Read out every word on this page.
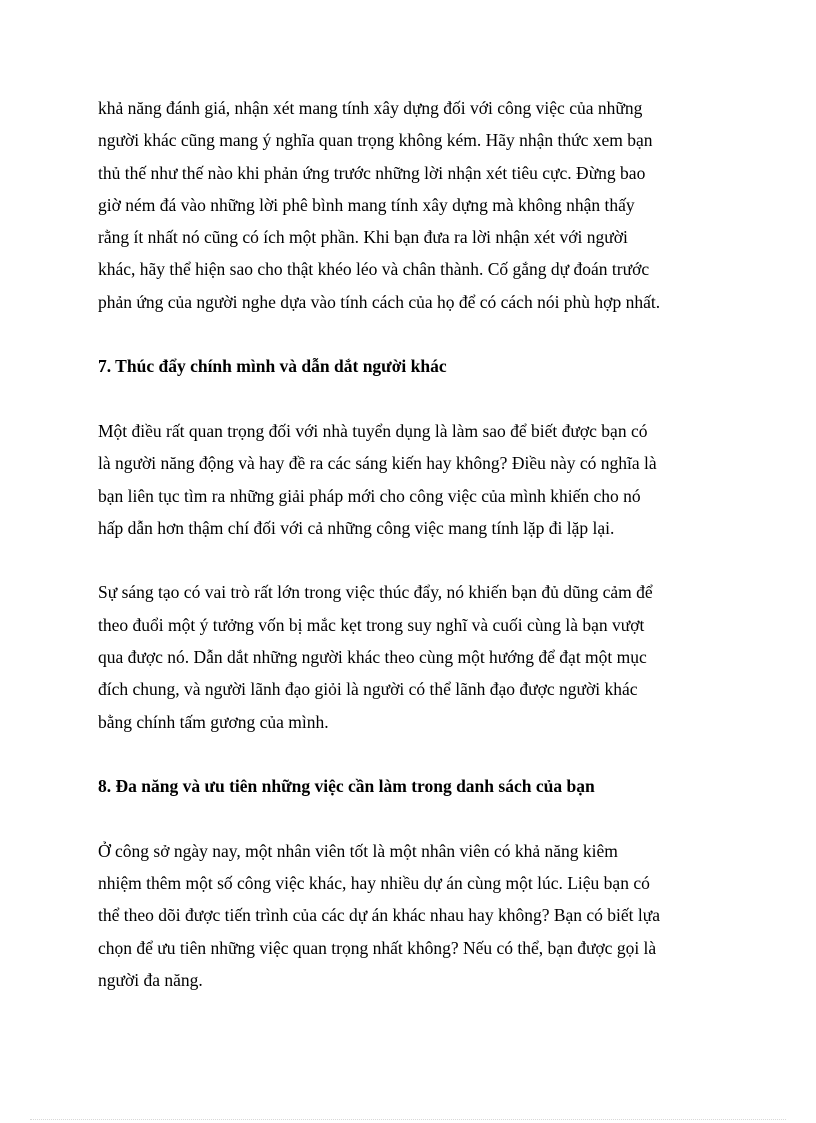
khả năng đánh giá, nhận xét mang tính xây dựng đối với công việc của những
người khác cũng mang ý nghĩa quan trọng không kém. Hãy nhận thức xem bạn
thủ thế như thế nào khi phản ứng trước những lời nhận xét tiêu cực. Đừng bao
giờ ném đá vào những lời phê bình mang tính xây dựng mà không nhận thấy
rằng ít nhất nó cũng có ích một phần. Khi bạn đưa ra lời nhận xét với người
khác, hãy thể hiện sao cho thật khéo léo và chân thành. Cố gắng dự đoán trước
phản ứng của người nghe dựa vào tính cách của họ để có cách nói phù hợp nhất.

7. Thúc đẩy chính mình và dẫn dắt người khác

Một điều rất quan trọng đối với nhà tuyển dụng là làm sao để biết được bạn có
là người năng động và hay đề ra các sáng kiến hay không? Điều này có nghĩa là
bạn liên tục tìm ra những giải pháp mới cho công việc của mình khiến cho nó
hấp dẫn hơn thậm chí đối với cả những công việc mang tính lặp đi lặp lại.

Sự sáng tạo có vai trò rất lớn trong việc thúc đẩy, nó khiến bạn đủ dũng cảm để
theo đuổi một ý tưởng vốn bị mắc kẹt trong suy nghĩ và cuối cùng là bạn vượt
qua được nó. Dẫn dắt những người khác theo cùng một hướng để đạt một mục
đích chung, và người lãnh đạo giỏi là người có thể lãnh đạo được người khác
bằng chính tấm gương của mình.

8. Đa năng và ưu tiên những việc cần làm trong danh sách của bạn

Ở công sở ngày nay, một nhân viên tốt là một nhân viên có khả năng kiêm
nhiệm thêm một số công việc khác, hay nhiều dự án cùng một lúc. Liệu bạn có
thể theo dõi được tiến trình của các dự án khác nhau hay không? Bạn có biết lựa
chọn để ưu tiên những việc quan trọng nhất không? Nếu có thể, bạn được gọi là
người đa năng.
